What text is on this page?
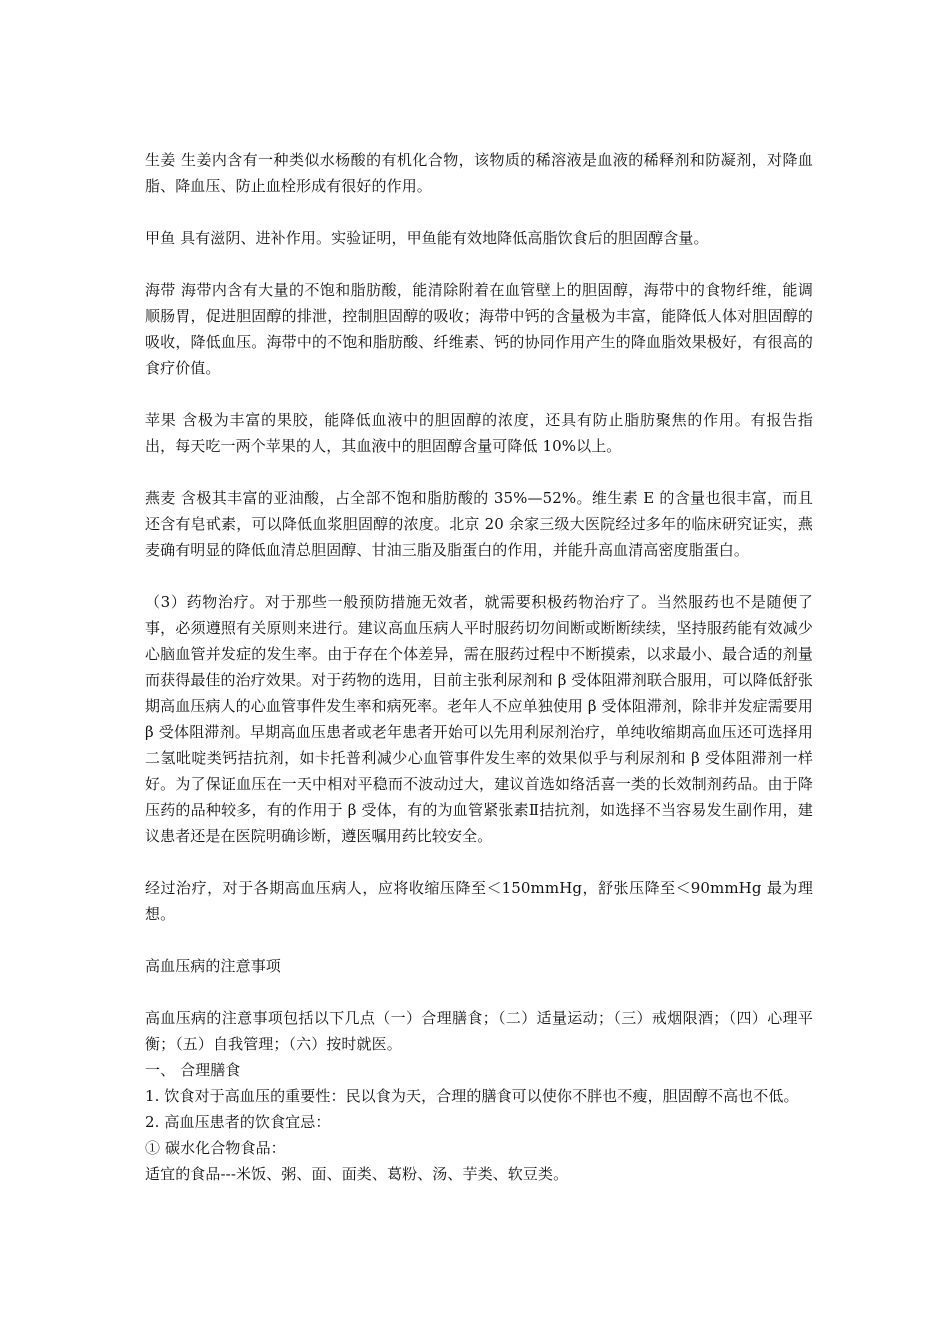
生姜 生姜内含有一种类似水杨酸的有机化合物，该物质的稀溶液是血液的稀释剂和防凝剂，对降血脂、降血压、防止血栓形成有很好的作用。

甲鱼 具有滋阴、进补作用。实验证明，甲鱼能有效地降低高脂饮食后的胆固醇含量。

海带 海带内含有大量的不饱和脂肪酸，能清除附着在血管壁上的胆固醇，海带中的食物纤维，能调顺肠胃，促进胆固醇的排泄，控制胆固醇的吸收；海带中钙的含量极为丰富，能降低人体对胆固醇的吸收，降低血压。海带中的不饱和脂肪酸、纤维素、钙的协同作用产生的降血脂效果极好，有很高的食疗价值。

苹果 含极为丰富的果胶，能降低血液中的胆固醇的浓度，还具有防止脂肪聚焦的作用。有报告指出，每天吃一两个苹果的人，其血液中的胆固醇含量可降低 10%以上。

燕麦 含极其丰富的亚油酸，占全部不饱和脂肪酸的 35%—52%。维生素 E 的含量也很丰富，而且还含有皂甙素，可以降低血浆胆固醇的浓度。北京 20 余家三级大医院经过多年的临床研究证实，燕麦确有明显的降低血清总胆固醇、甘油三脂及脂蛋白的作用，并能升高血清高密度脂蛋白。

（3）药物治疗。对于那些一般预防措施无效者，就需要积极药物治疗了。当然服药也不是随便了事，必须遵照有关原则来进行。建议高血压病人平时服药切勿间断或断断续续，坚持服药能有效减少心脑血管并发症的发生率。由于存在个体差异，需在服药过程中不断摸索，以求最小、最合适的剂量而获得最佳的治疗效果。对于药物的选用，目前主张利尿剂和 β 受体阻滞剂联合服用，可以降低舒张期高血压病人的心血管事件发生率和病死率。老年人不应单独使用 β 受体阻滞剂，除非并发症需要用 β 受体阻滞剂。早期高血压患者或老年患者开始可以先用利尿剂治疗，单纯收缩期高血压还可选择用二氢吡啶类钙拮抗剂，如卡托普利减少心血管事件发生率的效果似乎与利尿剂和 β 受体阻滞剂一样好。为了保证血压在一天中相对平稳而不波动过大，建议首选如络活喜一类的长效制剂药品。由于降压药的品种较多，有的作用于 β 受体，有的为血管紧张素Ⅱ拮抗剂，如选择不当容易发生副作用，建议患者还是在医院明确诊断，遵医嘱用药比较安全。

经过治疗，对于各期高血压病人，应将收缩压降至＜150mmHg，舒张压降至＜90mmHg 最为理想。

高血压病的注意事项

高血压病的注意事项包括以下几点（一）合理膳食；（二）适量运动；（三）戒烟限酒；（四）心理平衡；（五）自我管理；（六）按时就医。

一、 合理膳食

1. 饮食对于高血压的重要性：民以食为天，合理的膳食可以使你不胖也不瘦，胆固醇不高也不低。

2. 高血压患者的饮食宜忌：

① 碳水化合物食品：

适宜的食品---米饭、粥、面、面类、葛粉、汤、芋类、软豆类。
